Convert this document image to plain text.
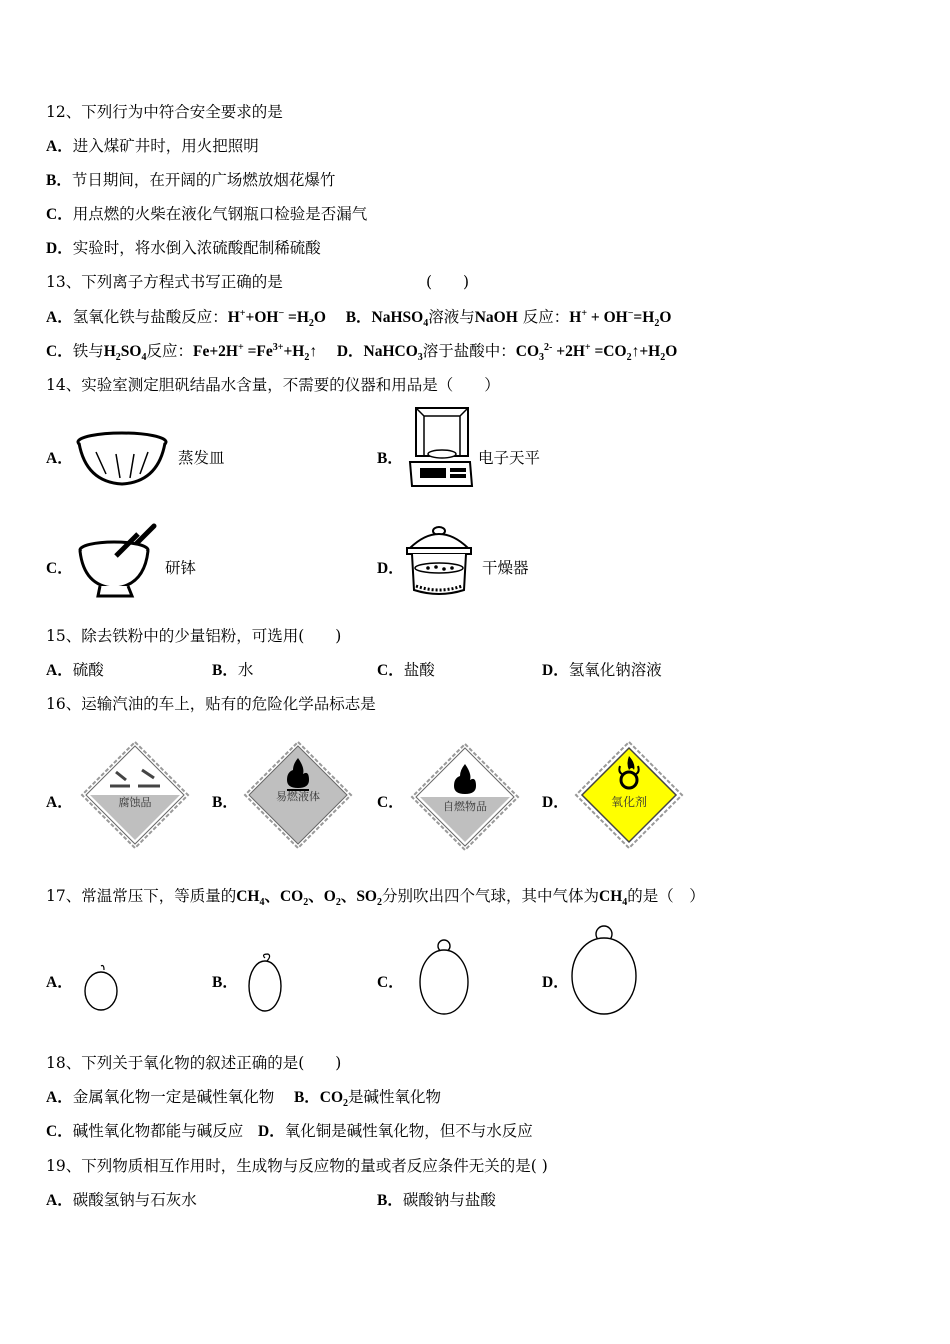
12、下列行为中符合安全要求的是
A．进入煤矿井时，用火把照明
B．节日期间，在开阔的广场燃放烟花爆竹
C．用点燃的火柴在液化气钢瓶口检验是否漏气
D．实验时，将水倒入浓硫酸配制稀硫酸
13、下列离子方程式书写正确的是	(　　)
A．氢氧化铁与盐酸反应：$H^++OH^- =H_2O$ B．NaHSO$_4$溶液与NaOH 反应：$H^+ + OH^-=H_2O$
C．铁与$H_2SO_4$反应：$Fe+2H^+ =Fe^{3+}+H_2↑$ D．NaHCO$_3$溶于盐酸中：$CO_3^{2-} +2H^+$ $=CO_2↑+H_2O$
14、实验室测定胆矾结晶水含量，不需要的仪器和用品是（　　）
A．	蒸发皿	B．	电子天平
C．	研钵	D．	干燥器
15、除去铁粉中的少量铝粉，可选用(　　)
A．硫酸	B．水	C．盐酸	D．氢氧化钠溶液
16、运输汽油的车上，贴有的危险化学品标志是
A．	腐蚀品	B．	易燃液体	C．	自燃物品	D．	氧化剂
17、常温常压下，等质量的$CH_4$、$CO_2$、$O_2$、$SO_2$分别吹出四个气球，其中气体为$CH_4$的是（　）
A．	B．	C．	D．
18、下列关于氧化物的叙述正确的是(　　)
A．金属氧化物一定是碱性氧化物 B．$CO_2$是碱性氧化物
C．碱性氧化物都能与碱反应 D．氧化铜是碱性氧化物，但不与水反应
19、下列物质相互作用时，生成物与反应物的量或者反应条件无关的是( )
A．碳酸氢钠与石灰水	B．碳酸钠与盐酸
